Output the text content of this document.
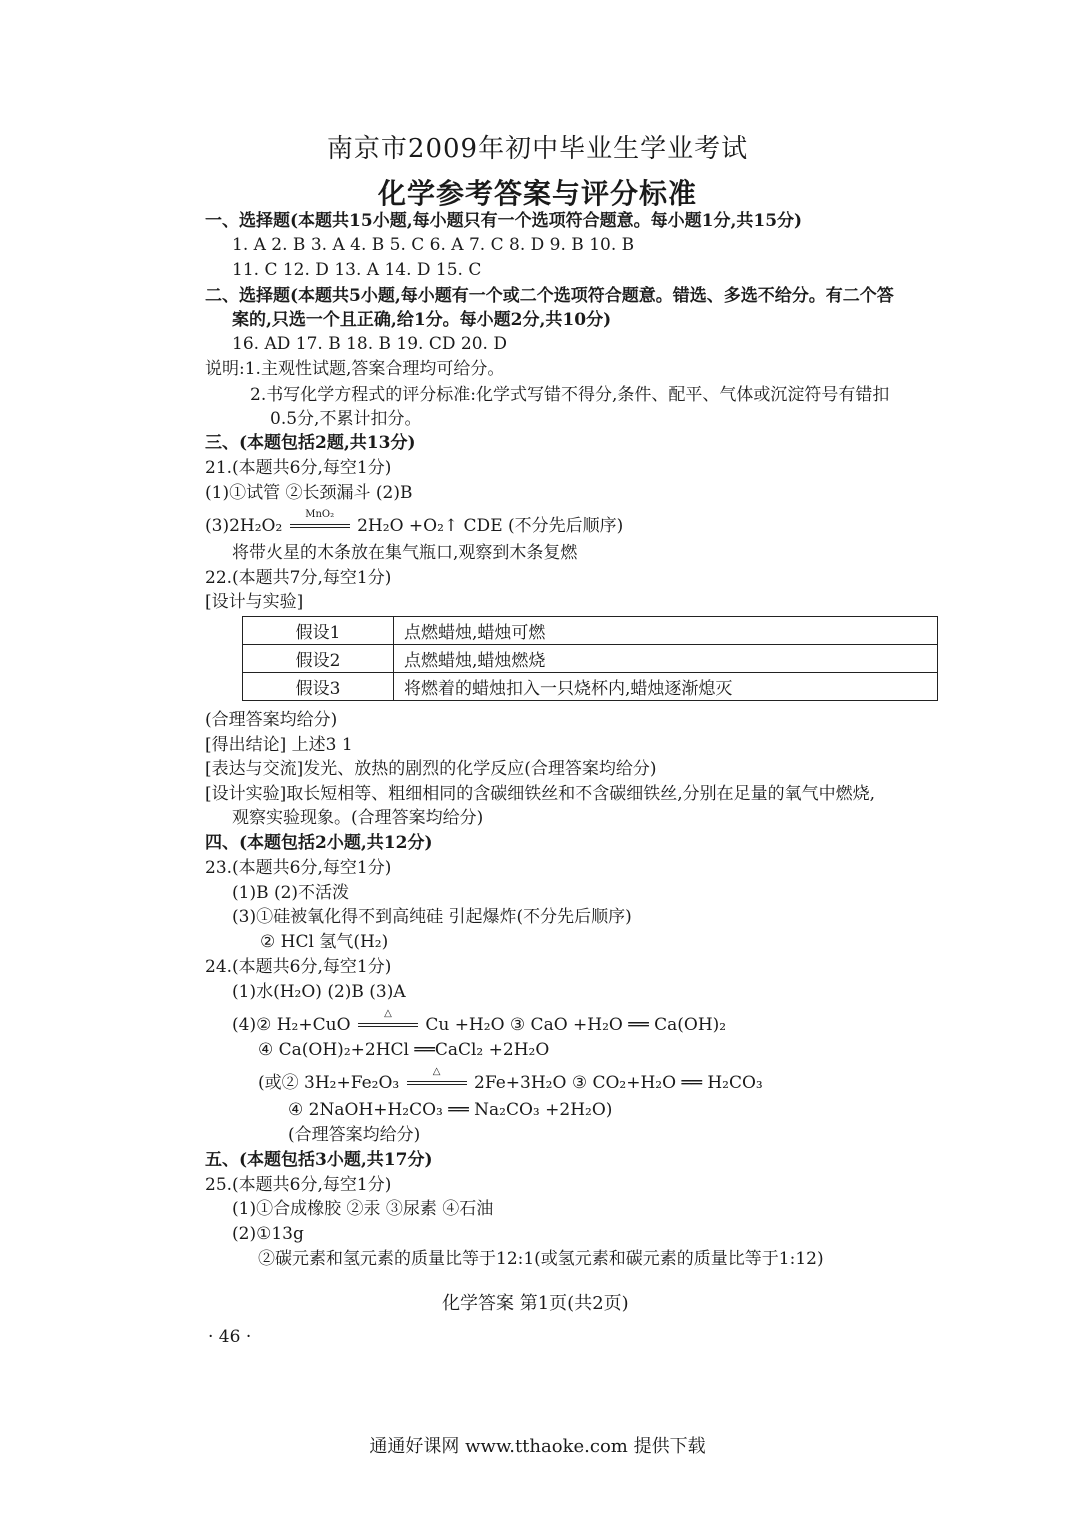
南京市2009年初中毕业生学业考试
化学参考答案与评分标准
一、选择题(本题共15小题,每小题只有一个选项符合题意。每小题1分,共15分)
1. A 2. B 3. A 4. B 5. C 6. A 7. C 8. D 9. B 10. B
11. C 12. D 13. A 14. D 15. C
二、选择题(本题共5小题,每小题有一个或二个选项符合题意。错选、多选不给分。有二个答
案的,只选一个且正确,给1分。每小题2分,共10分)
16. AD 17. B 18. B 19. CD 20. D
说明:1.主观性试题,答案合理均可给分。
2.书写化学方程式的评分标准:化学式写错不得分,条件、配平、气体或沉淀符号有错扣
0.5分,不累计扣分。
三、(本题包括2题,共13分)
21.(本题共6分,每空1分)
(1)①试管 ②长颈漏斗 (2)B
(3)2H₂O₂
MnO₂
2H₂O +O₂↑ CDE (不分先后顺序)
将带火星的木条放在集气瓶口,观察到木条复燃
22.(本题共7分,每空1分)
[设计与实验]
假设1	点燃蜡烛,蜡烛可燃
假设2	点燃蜡烛,蜡烛燃烧
假设3	将燃着的蜡烛扣入一只烧杯内,蜡烛逐渐熄灭
(合理答案均给分)
[得出结论] 上述3 1
[表达与交流]发光、放热的剧烈的化学反应(合理答案均给分)
[设计实验]取长短相等、粗细相同的含碳细铁丝和不含碳细铁丝,分别在足量的氧气中燃烧,
观察实验现象。(合理答案均给分)
四、(本题包括2小题,共12分)
23.(本题共6分,每空1分)
(1)B (2)不活泼
(3)①硅被氧化得不到高纯硅 引起爆炸(不分先后顺序)
② HCl 氢气(H₂)
24.(本题共6分,每空1分)
(1)水(H₂O) (2)B (3)A
(4)② H₂+CuO
△
Cu +H₂O ③ CaO +H₂O ══ Ca(OH)₂
④ Ca(OH)₂+2HCl ══CaCl₂ +2H₂O
(或② 3H₂+Fe₂O₃
△
2Fe+3H₂O ③ CO₂+H₂O ══ H₂CO₃
④ 2NaOH+H₂CO₃ ══ Na₂CO₃ +2H₂O)
(合理答案均给分)
五、(本题包括3小题,共17分)
25.(本题共6分,每空1分)
(1)①合成橡胶 ②汞 ③尿素 ④石油
(2)①13g
②碳元素和氢元素的质量比等于12:1(或氢元素和碳元素的质量比等于1:12)
化学答案 第1页(共2页)
· 46 ·
通通好课网 www.tthaoke.com 提供下载
